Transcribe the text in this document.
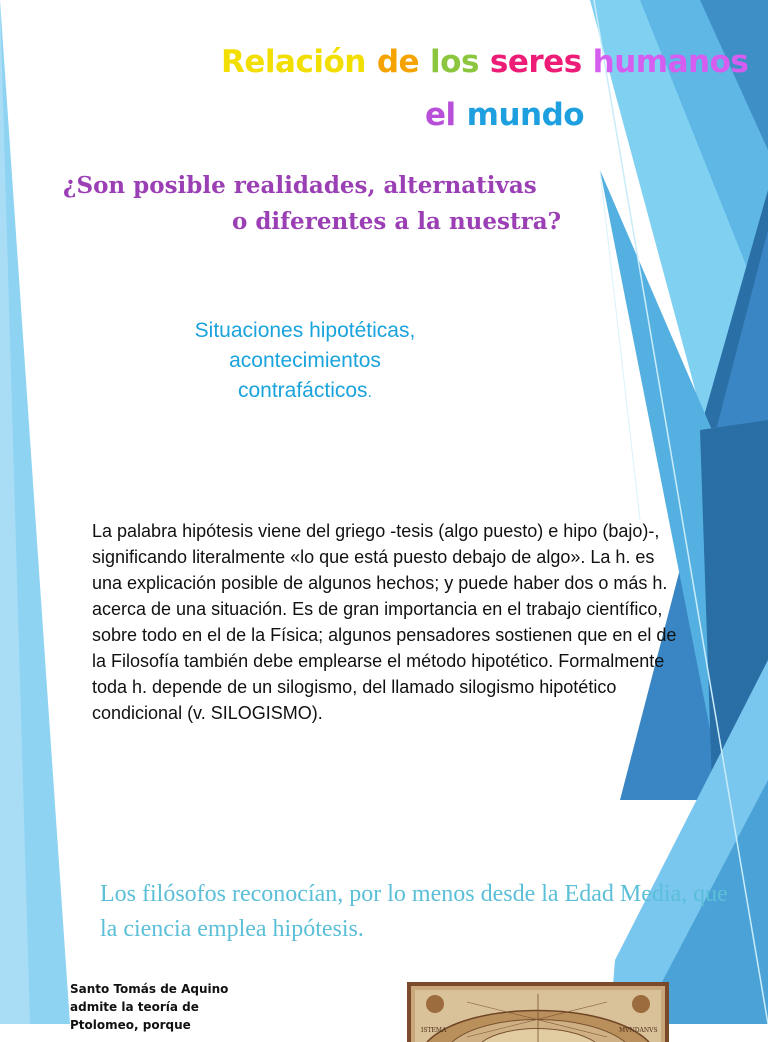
Relación de los seres humanos
el mundo
¿Son posible realidades, alternativas
o diferentes a la nuestra?
Situaciones hipotéticas,
acontecimientos
contrafácticos.
La palabra hipótesis viene del griego -tesis (algo puesto) e hipo (bajo)-, significando literalmente «lo que está puesto debajo de algo». La h. es una explicación posible de algunos hechos; y puede haber dos o más h. acerca de una situación. Es de gran importancia en el trabajo científico, sobre todo en el de la Física; algunos pensadores sostienen que en el de la Filosofía también debe emplearse el método hipotético. Formalmente toda h. depende de un silogismo, del llamado silogismo hipotético condicional (v. SILOGISMO).
Los filósofos reconocían, por lo menos desde la Edad Media, que la ciencia emplea hipótesis.
Santo Tomás de Aquino
admite la teoría de
Ptolomeo, porque	ISTEMA	MVNDANVS
